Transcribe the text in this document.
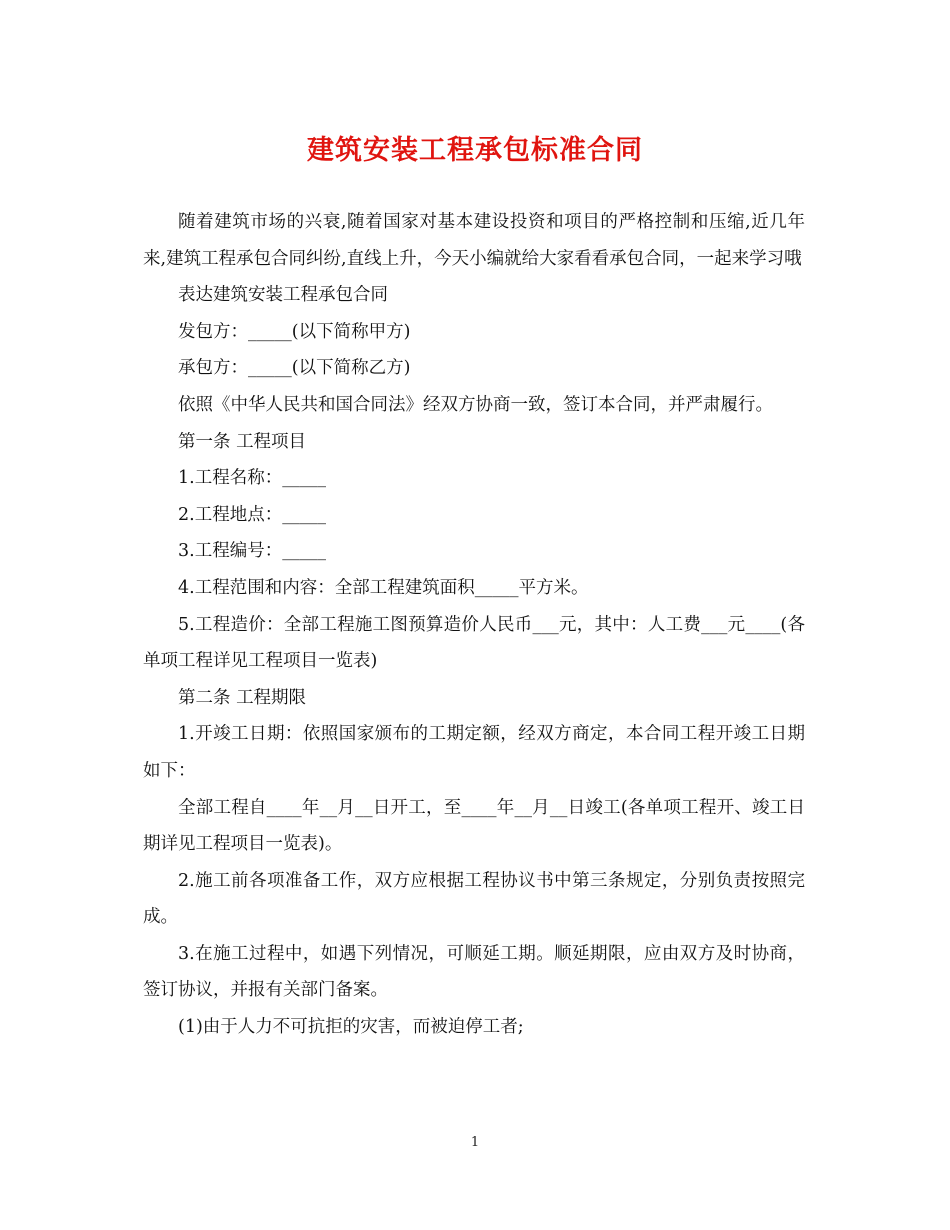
建筑安装工程承包标准合同

随着建筑市场的兴衰,随着国家对基本建设投资和项目的严格控制和压缩,近几年来,建筑工程承包合同纠纷,直线上升，今天小编就给大家看看承包合同，一起来学习哦

表达建筑安装工程承包合同

发包方：_____(以下简称甲方)

承包方：_____(以下简称乙方)

依照《中华人民共和国合同法》经双方协商一致，签订本合同，并严肃履行。

第一条 工程项目

1.工程名称：_____

2.工程地点：_____

3.工程编号：_____

4.工程范围和内容：全部工程建筑面积_____平方米。

5.工程造价：全部工程施工图预算造价人民币___元，其中：人工费___元____(各单项工程详见工程项目一览表)

第二条 工程期限

1.开竣工日期：依照国家颁布的工期定额，经双方商定，本合同工程开竣工日期如下：

全部工程自____年__月__日开工，至____年__月__日竣工(各单项工程开、竣工日期详见工程项目一览表)。

2.施工前各项准备工作，双方应根据工程协议书中第三条规定，分别负责按照完成。

3.在施工过程中，如遇下列情况，可顺延工期。顺延期限，应由双方及时协商，签订协议，并报有关部门备案。

(1)由于人力不可抗拒的灾害，而被迫停工者;

1
